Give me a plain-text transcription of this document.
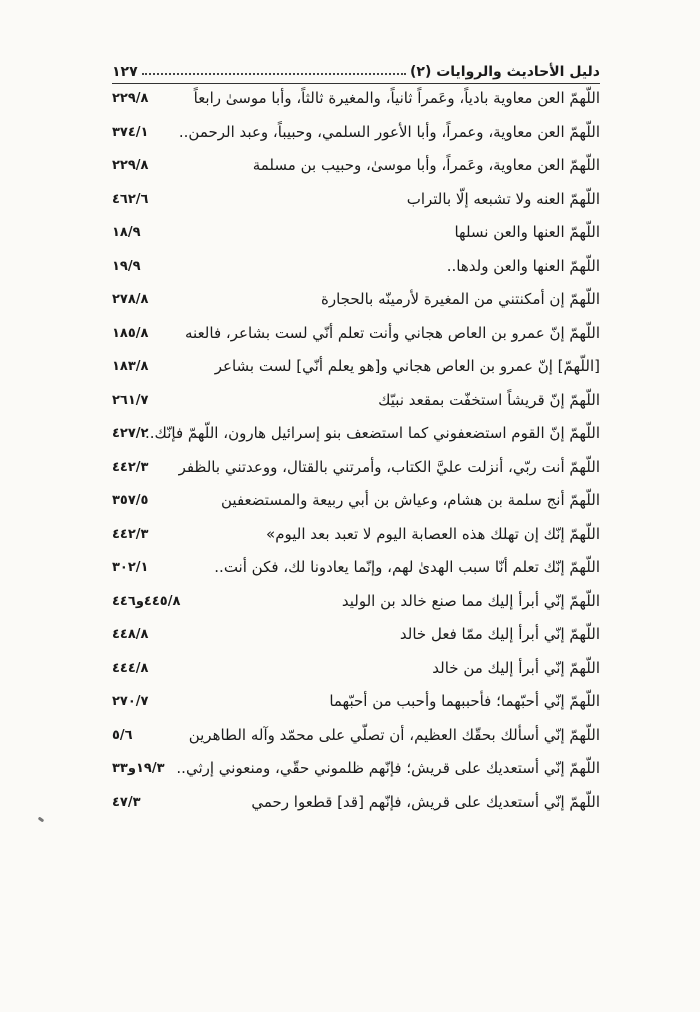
دليل الأحاديث والروايات (٢)
١٢٧
اللّهمّ العن معاوية بادياً، وعَمراً ثانياً، والمغيرة ثالثاً، وأبا موسىٰ رابعاً
٢٢٩/٨
اللّهمّ العن معاوية، وعمراً، وأبا الأعور السلمي، وحبيباً، وعبد الرحمن..
٣٧٤/١
اللّهمّ العن معاوية، وعَمراً، وأبا موسىٰ، وحبيب بن مسلمة
٢٢٩/٨
اللّهمّ العنه ولا تشبعه إلّا بالتراب
٤٦٢/٦
اللّهمّ العنها والعن نسلها
١٨/٩
اللّهمّ العنها والعن ولدها..
١٩/٩
اللّهمّ إن أمكنتني من المغيرة لأرمينّه بالحجارة
٢٧٨/٨
اللّهمّ إنّ عمرو بن العاص هجاني وأنت تعلم أنّي لست بشاعر، فالعنه
١٨٥/٨
[اللّهمّ] إنّ عمرو بن العاص هجاني و[هو يعلم أنّي] لست بشاعر
١٨٣/٨
اللّهمّ إنّ قريشاً استخفّت بمقعد نبيّك
٢٦١/٧
اللّهمّ إنّ القوم استضعفوني كما استضعف بنو إسرائيل هارون، اللّهمّ فإنّك..
٤٢٧/٢
اللّهمّ أنت ربّي، أنزلت عليَّ الكتاب، وأمرتني بالقتال، ووعدتني بالظفر
٤٤٢/٣
اللّهمّ أنج سلمة بن هشام، وعياش بن أبي ربيعة والمستضعفين
٣٥٧/٥
اللّهمّ إنّك إن تهلك هذه العصابة اليوم لا تعبد بعد اليوم»
٤٤٢/٣
اللّهمّ إنّك تعلم أنّا سبب الهدىٰ لهم، وإنّما يعادونا لك، فكن أنت..
٣٠٢/١
اللّهمّ إنّي أبرأ إليك مما صنع خالد بن الوليد
٤٤٥/٨و٤٤٦
اللّهمّ إنّي أبرأ إليك ممّا فعل خالد
٤٤٨/٨
اللّهمّ إنّي أبرأ إليك من خالد
٤٤٤/٨
اللّهمّ إنّي أحبّهما؛ فأحببهما وأحبب من أحبّهما
٢٧٠/٧
اللّهمّ إنّي أسألك بحقّك العظيم، أن تصلّي على محمّد وآله الطاهرين
٥/٦
اللّهمّ إنّي أستعديك على قريش؛ فإنّهم ظلموني حقّي، ومنعوني إرثي..
١٩/٣و٣٣
اللّهمّ إنّي أستعديك على قريش، فإنّهم [قد] قطعوا رحمي
٤٧/٣
